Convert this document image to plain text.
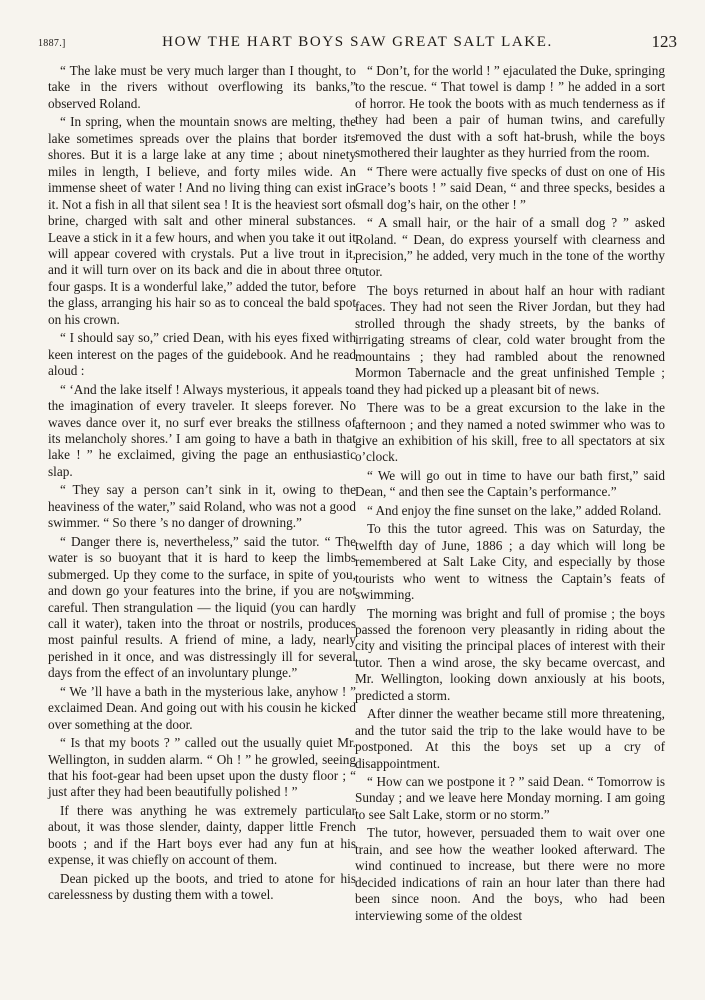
1887.]	HOW THE HART BOYS SAW GREAT SALT LAKE.	123

“ The lake must be very much larger than I thought, to take in the rivers without overflowing its banks,” observed Roland.

“ In spring, when the mountain snows are melting, the lake sometimes spreads over the plains that border its shores. But it is a large lake at any time ; about ninety miles in length, I believe, and forty miles wide. An immense sheet of water ! And no living thing can exist in it. Not a fish in all that silent sea ! It is the heaviest sort of brine, charged with salt and other mineral substances. Leave a stick in it a few hours, and when you take it out it will appear covered with crystals. Put a live trout in it, and it will turn over on its back and die in about three or four gasps. It is a wonderful lake,” added the tutor, before the glass, arranging his hair so as to conceal the bald spot on his crown.

“ I should say so,” cried Dean, with his eyes fixed with keen interest on the pages of the guidebook. And he read aloud :

“ ‘And the lake itself ! Always mysterious, it appeals to the imagination of every traveler. It sleeps forever. No waves dance over it, no surf ever breaks the stillness of its melancholy shores.’ I am going to have a bath in that lake ! ” he exclaimed, giving the page an enthusiastic slap.

“ They say a person can’t sink in it, owing to the heaviness of the water,” said Roland, who was not a good swimmer. “ So there ’s no danger of drowning.”

“ Danger there is, nevertheless,” said the tutor. “ The water is so buoyant that it is hard to keep the limbs submerged. Up they come to the surface, in spite of you, and down go your features into the brine, if you are not careful. Then strangulation — the liquid (you can hardly call it water), taken into the throat or nostrils, produces most painful results. A friend of mine, a lady, nearly perished in it once, and was distressingly ill for several days from the effect of an involuntary plunge.”

“ We ’ll have a bath in the mysterious lake, anyhow ! ” exclaimed Dean. And going out with his cousin he kicked over something at the door.

“ Is that my boots ? ” called out the usually quiet Mr. Wellington, in sudden alarm. “ Oh ! ” he growled, seeing that his foot-gear had been upset upon the dusty floor ; “ just after they had been beautifully polished ! ”

If there was anything he was extremely particular about, it was those slender, dainty, dapper little French boots ; and if the Hart boys ever had any fun at his expense, it was chiefly on account of them.

Dean picked up the boots, and tried to atone for his carelessness by dusting them with a towel.

“ Don’t, for the world ! ” ejaculated the Duke, springing to the rescue. “ That towel is damp ! ” he added in a sort of horror. He took the boots with as much tenderness as if they had been a pair of human twins, and carefully removed the dust with a soft hat-brush, while the boys smothered their laughter as they hurried from the room.

“ There were actually five specks of dust on one of His Grace’s boots ! ” said Dean, “ and three specks, besides a small dog’s hair, on the other ! ”

“ A small hair, or the hair of a small dog ? ” asked Roland. “ Dean, do express yourself with clearness and precision,” he added, very much in the tone of the worthy tutor.

The boys returned in about half an hour with radiant faces. They had not seen the River Jordan, but they had strolled through the shady streets, by the banks of irrigating streams of clear, cold water brought from the mountains ; they had rambled about the renowned Mormon Tabernacle and the great unfinished Temple ; and they had picked up a pleasant bit of news.

There was to be a great excursion to the lake in the afternoon ; and they named a noted swimmer who was to give an exhibition of his skill, free to all spectators at six o’clock.

“ We will go out in time to have our bath first,” said Dean, “ and then see the Captain’s performance.”

“ And enjoy the fine sunset on the lake,” added Roland.

To this the tutor agreed. This was on Saturday, the twelfth day of June, 1886 ; a day which will long be remembered at Salt Lake City, and especially by those tourists who went to witness the Captain’s feats of swimming.

The morning was bright and full of promise ; the boys passed the forenoon very pleasantly in riding about the city and visiting the principal places of interest with their tutor. Then a wind arose, the sky became overcast, and Mr. Wellington, looking down anxiously at his boots, predicted a storm.

After dinner the weather became still more threatening, and the tutor said the trip to the lake would have to be postponed. At this the boys set up a cry of disappointment.

“ How can we postpone it ? ” said Dean. “ Tomorrow is Sunday ; and we leave here Monday morning. I am going to see Salt Lake, storm or no storm.”

The tutor, however, persuaded them to wait over one train, and see how the weather looked afterward. The wind continued to increase, but there were no more decided indications of rain an hour later than there had been since noon. And the boys, who had been interviewing some of the oldest
